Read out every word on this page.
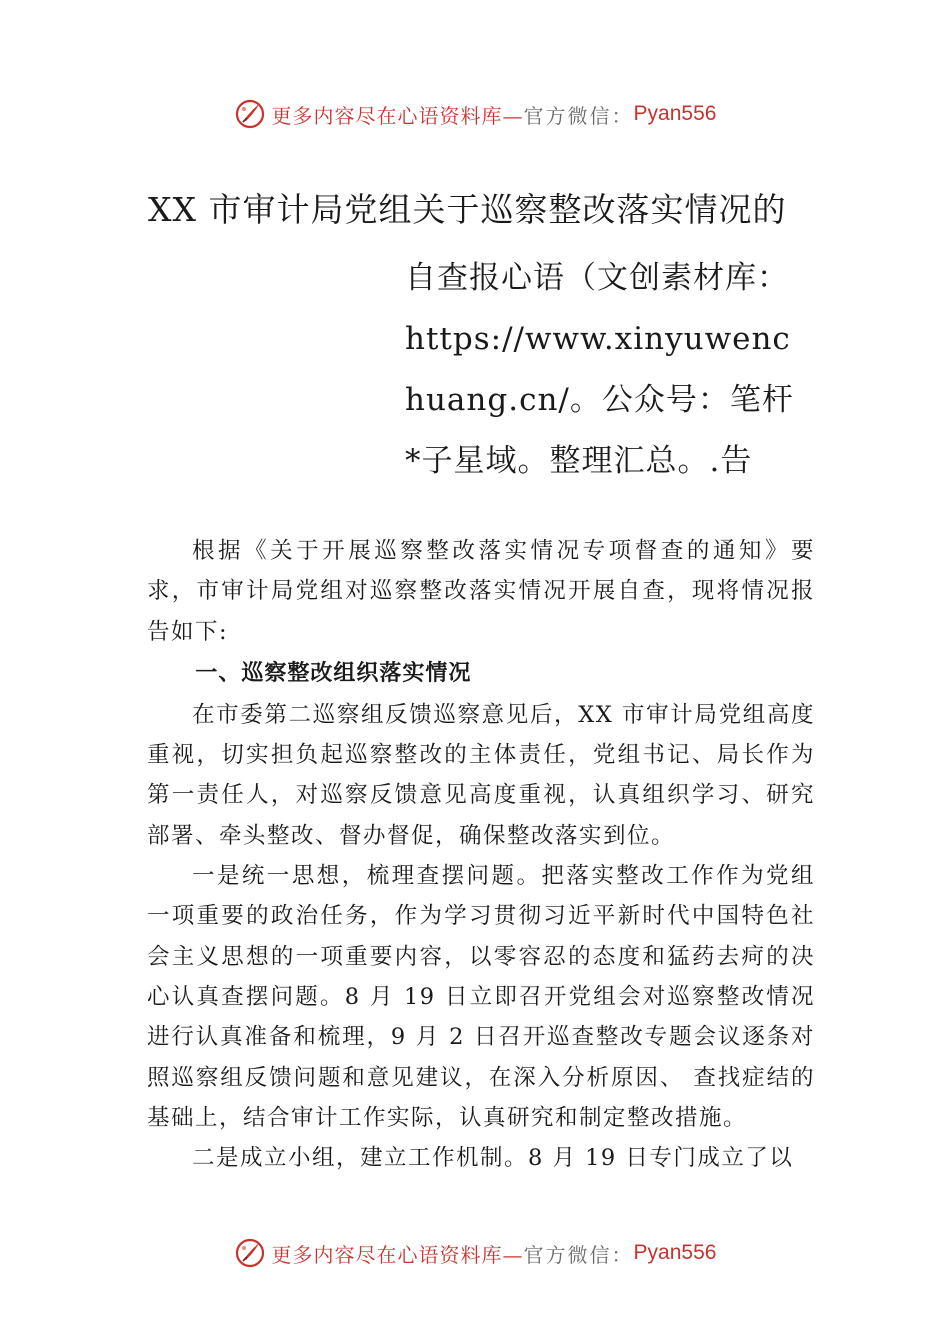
更多内容尽在心语资料库— 官方微信： Pyan556
XX 市审计局党组关于巡察整改落实情况的
自查报心语（文创素材库：https://www.xinyuwenchuang.cn/。公众号：笔杆*子星域。整理汇总。.告

根据《关于开展巡察整改落实情况专项督查的通知》要求，市审计局党组对巡察整改落实情况开展自查，现将情况报告如下:

一、巡察整改组织落实情况

在市委第二巡察组反馈巡察意见后，XX 市审计局党组高度重视，切实担负起巡察整改的主体责任，党组书记、局长作为第一责任人，对巡察反馈意见高度重视，认真组织学习、研究部署、牵头整改、督办督促，确保整改落实到位。

一是统一思想，梳理查摆问题。把落实整改工作作为党组一项重要的政治任务，作为学习贯彻习近平新时代中国特色社会主义思想的一项重要内容，以零容忍的态度和猛药去疴的决心认真查摆问题。8 月 19 日立即召开党组会对巡察整改情况进行认真准备和梳理，9 月 2 日召开巡查整改专题会议逐条对照巡察组反馈问题和意见建议，在深入分析原因、 查找症结的基础上，结合审计工作实际，认真研究和制定整改措施。

二是成立小组，建立工作机制。8 月 19 日专门成立了以

更多内容尽在心语资料库— 官方微信： Pyan556
